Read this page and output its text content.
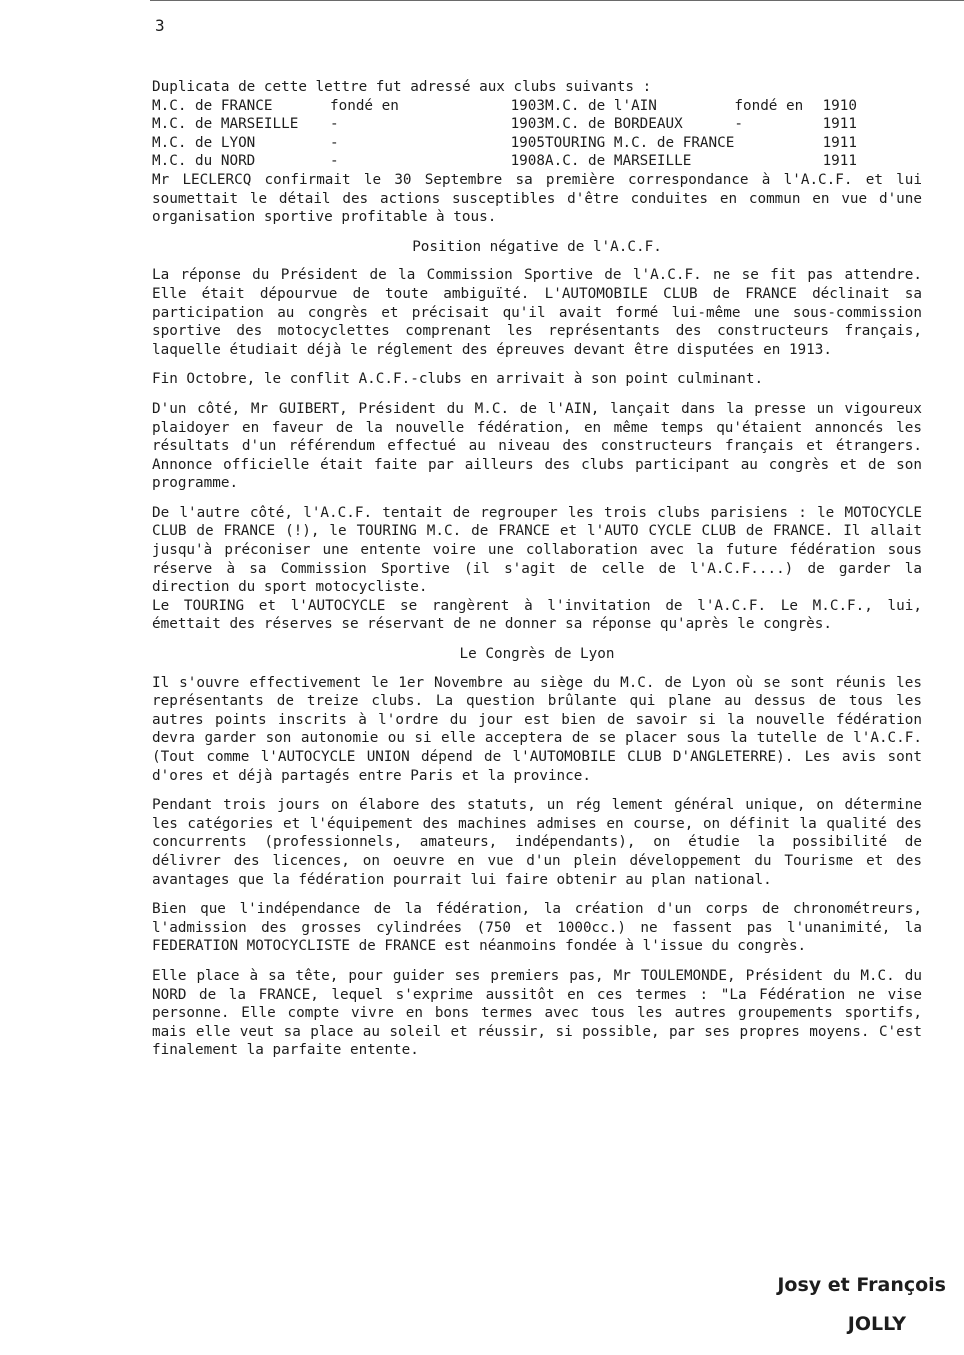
3

Duplicata de cette lettre fut adressé aux clubs suivants :

M.C. de FRANCE	fondé en	1903	M.C. de l'AIN	fondé en	1910
M.C. de MARSEILLE	-	1903	M.C. de BORDEAUX	-	1911
M.C. de LYON	-	1905	TOURING M.C. de FRANCE		1911
M.C. du NORD	-	1908	A.C. de MARSEILLE		1911

Mr LECLERCQ confirmait le 30 Septembre sa première correspondance à l'A.C.F. et lui soumettait le détail des actions susceptibles d'être conduites en commun en vue d'une organisation sportive profitable à tous.

Position négative de l'A.C.F.

La réponse du Président de la Commission Sportive de l'A.C.F. ne se fit pas attendre. Elle était dépourvue de toute ambiguïté. L'AUTOMOBILE CLUB de FRANCE déclinait sa participation au congrès et précisait qu'il avait formé lui-même une sous-commission sportive des motocyclettes comprenant les représentants des constructeurs français, laquelle étudiait déjà le réglement des épreuves devant être disputées en 1913.

Fin Octobre, le conflit A.C.F.-clubs en arrivait à son point culminant.

D'un côté, Mr GUIBERT, Président du M.C. de l'AIN, lançait dans la presse un vigoureux plaidoyer en faveur de la nouvelle fédération, en même temps qu'étaient annoncés les résultats d'un référendum effectué au niveau des constructeurs français et étrangers. Annonce officielle était faite par ailleurs des clubs participant au congrès et de son programme.

De l'autre côté, l'A.C.F. tentait de regrouper les trois clubs parisiens : le MOTOCYCLE CLUB de FRANCE (!), le TOURING M.C. de FRANCE et l'AUTO CYCLE CLUB de FRANCE. Il allait jusqu'à préconiser une entente voire une collaboration avec la future fédération sous réserve à sa Commission Sportive (il s'agit de celle de l'A.C.F....) de garder la direction du sport motocycliste.

Le TOURING et l'AUTOCYCLE se rangèrent à l'invitation de l'A.C.F. Le M.C.F., lui, émettait des réserves se réservant de ne donner sa réponse qu'après le congrès.

Le Congrès de Lyon

Il s'ouvre effectivement le 1er Novembre au siège du M.C. de Lyon où se sont réunis les représentants de treize clubs. La question brûlante qui plane au dessus de tous les autres points inscrits à l'ordre du jour est bien de savoir si la nouvelle fédération devra garder son autonomie ou si elle acceptera de se placer sous la tutelle de l'A.C.F. (Tout comme l'AUTOCYCLE UNION dépend de l'AUTOMOBILE CLUB D'ANGLETERRE). Les avis sont d'ores et déjà partagés entre Paris et la province.

Pendant trois jours on élabore des statuts, un rég lement général unique, on détermine les catégories et l'équipement des machines admises en course, on définit la qualité des concurrents (professionnels, amateurs, indépendants), on étudie la possibilité de délivrer des licences, on oeuvre en vue d'un plein développement du Tourisme et des avantages que la fédération pourrait lui faire obtenir au plan national.

Bien que l'indépendance de la fédération, la création d'un corps de chronométreurs, l'admission des grosses cylindrées (750 et 1000cc.) ne fassent pas l'unanimité, la FEDERATION MOTOCYCLISTE de FRANCE est néanmoins fondée à l'issue du congrès.

Elle place à sa tête, pour guider ses premiers pas, Mr TOULEMONDE, Président du M.C. du NORD de la FRANCE, lequel s'exprime aussitôt en ces termes : "La Fédération ne vise personne. Elle compte vivre en bons termes avec tous les autres groupements sportifs, mais elle veut sa place au soleil et réussir, si possible, par ses propres moyens. C'est finalement la parfaite entente.

Josy et François
JOLLY
